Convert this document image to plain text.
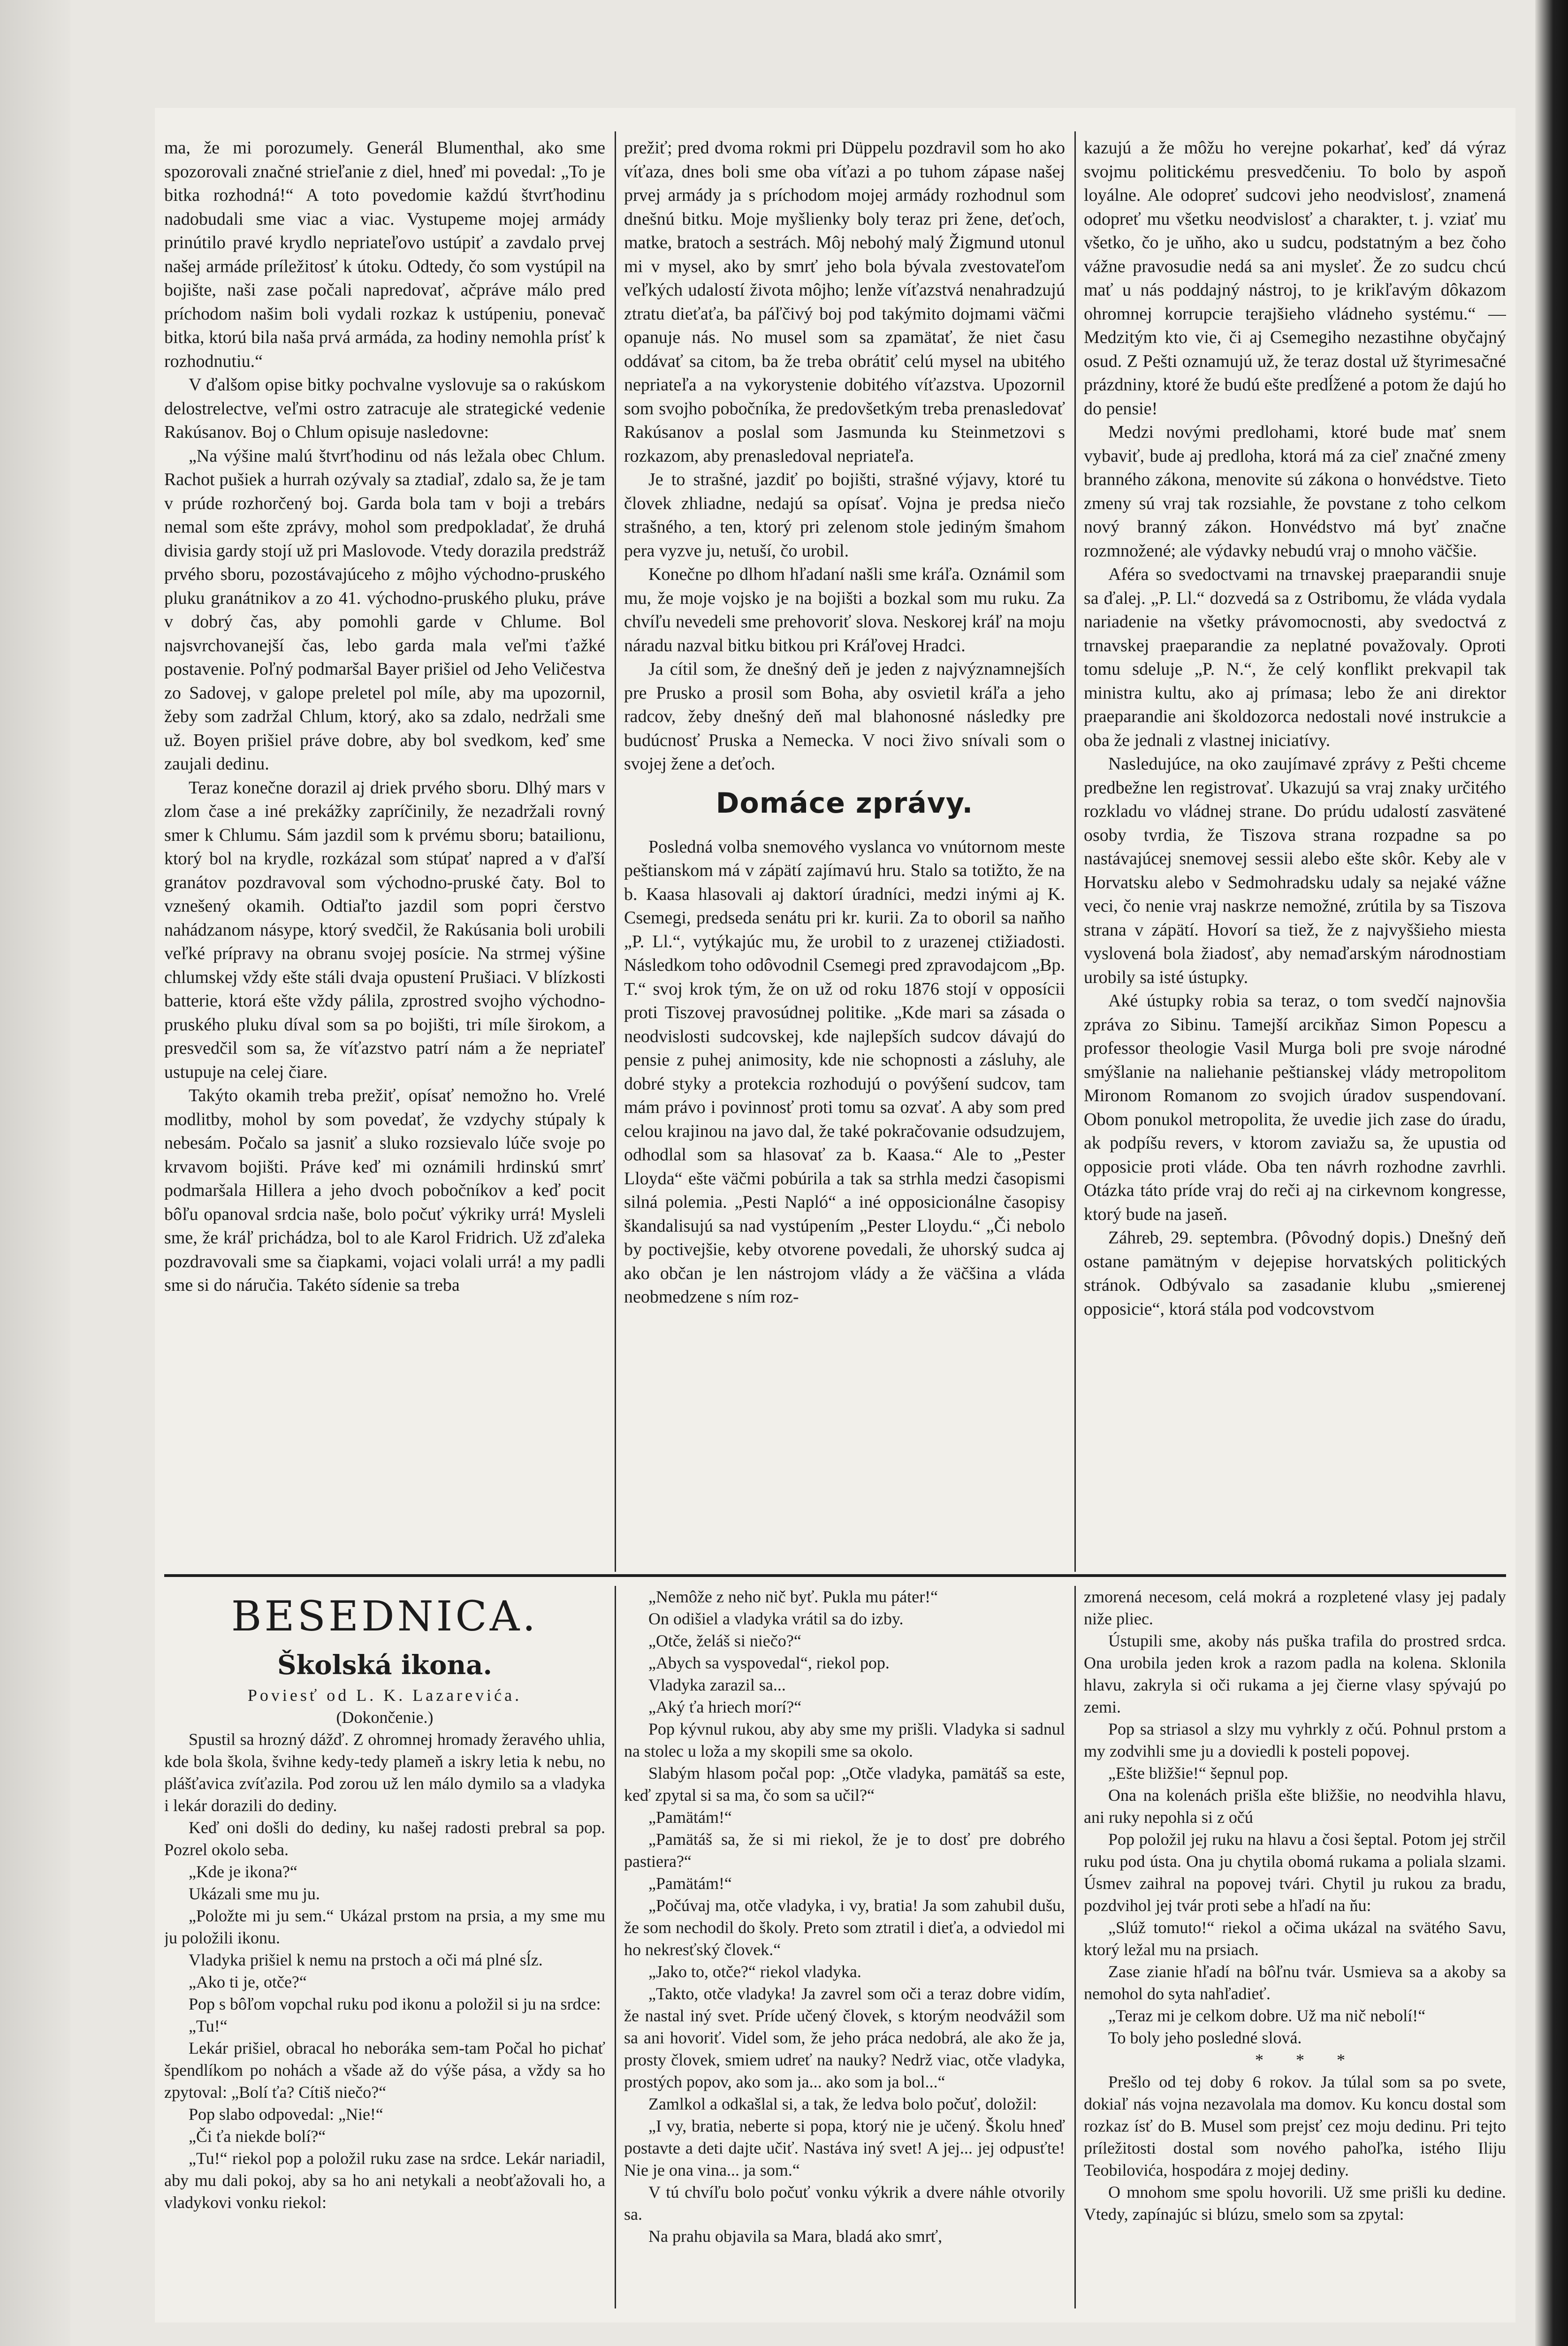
ma, že mi porozumely. Generál Blumenthal, ako sme spozorovali značné strieľanie z diel, hneď mi povedal: „To je bitka rozhodná!“ A toto povedomie každú štvrťhodinu nadobudali sme viac a viac. Vystupeme mojej armády prinútilo pravé krydlo nepriateľovo ustúpiť a zavdalo prvej našej armáde príležitosť k útoku. Odtedy, čo som vystúpil na bojište, naši zase počali napredovať, ačpráve málo pred príchodom našim boli vydali rozkaz k ustúpeniu, ponevač bitka, ktorú bila naša prvá armáda, za hodiny nemohla prísť k rozhodnutiu.“

V ďalšom opise bitky pochvalne vyslovuje sa o rakúskom delostrelectve, veľmi ostro zatracuje ale strategické vedenie Rakúsanov. Boj o Chlum opisuje nasledovne:

„Na výšine malú štvrťhodinu od nás ležala obec Chlum. Rachot pušiek a hurrah ozývaly sa ztadiaľ, zdalo sa, že je tam v prúde rozhorčený boj. Garda bola tam v boji a trebárs nemal som ešte zprávy, mohol som predpokladať, že druhá divisia gardy stojí už pri Maslovode. Vtedy dorazila predstráž prvého sboru, pozostávajúceho z môjho východno-pruského pluku granátnikov a zo 41. východno-pruského pluku, práve v dobrý čas, aby pomohli garde v Chlume. Bol najsvrchovanejší čas, lebo garda mala veľmi ťažké postavenie. Poľný podmaršal Bayer prišiel od Jeho Veličestva zo Sadovej, v galope preletel pol míle, aby ma upozornil, žeby som zadržal Chlum, ktorý, ako sa zdalo, nedržali sme už. Boyen prišiel práve dobre, aby bol svedkom, keď sme zaujali dedinu.

Teraz konečne dorazil aj driek prvého sboru. Dlhý mars v zlom čase a iné prekážky zapríčinily, že nezadržali rovný smer k Chlumu. Sám jazdil som k prvému sboru; batailionu, ktorý bol na krydle, rozkázal som stúpať napred a v ďaľší granátov pozdravoval som východno-pruské čaty. Bol to vznešený okamih. Odtiaľto jazdil som popri čerstvo nahádzanom násype, ktorý svedčil, že Rakúsania boli urobili veľké prípravy na obranu svojej posície. Na strmej výšine chlumskej vždy ešte stáli dvaja opustení Prušiaci. V blízkosti batterie, ktorá ešte vždy pálila, zprostred svojho východno-pruského pluku díval som sa po bojišti, tri míle širokom, a presvedčil som sa, že víťazstvo patrí nám a že nepriateľ ustupuje na celej čiare.

Takýto okamih treba prežiť, opísať nemožno ho. Vrelé modlitby, mohol by som povedať, že vzdychy stúpaly k nebesám. Počalo sa jasniť a sluko rozsievalo lúče svoje po krvavom bojišti. Práve keď mi oznámili hrdinskú smrť podmaršala Hillera a jeho dvoch pobočníkov a keď pocit bôľu opanoval srdcia naše, bolo počuť výkriky urrá! Mysleli sme, že kráľ prichádza, bol to ale Karol Fridrich. Už zďaleka pozdravovali sme sa čiapkami, vojaci volali urrá! a my padli sme si do náručia. Takéto sídenie sa treba

prežiť; pred dvoma rokmi pri Düppelu pozdravil som ho ako víťaza, dnes boli sme oba víťazi a po tuhom zápase našej prvej armády ja s príchodom mojej armády rozhodnul som dnešnú bitku. Moje myšlienky boly teraz pri žene, deťoch, matke, bratoch a sestrách. Môj nebohý malý Žigmund utonul mi v mysel, ako by smrť jeho bola bývala zvestovateľom veľkých udalostí života môjho; lenže víťazstvá nenahradzujú ztratu dieťaťa, ba páľčivý boj pod takýmito dojmami väčmi opanuje nás. No musel som sa zpamätať, že niet času oddávať sa citom, ba že treba obrátiť celú mysel na ubitého nepriateľa a na vykorystenie dobitého víťazstva. Upozornil som svojho pobočníka, že predovšetkým treba prenasledovať Rakúsanov a poslal som Jasmunda ku Steinmetzovi s rozkazom, aby prenasledoval nepriateľa.

Je to strašné, jazdiť po bojišti, strašné výjavy, ktoré tu človek zhliadne, nedajú sa opísať. Vojna je predsa niečo strašného, a ten, ktorý pri zelenom stole jediným šmahom pera vyzve ju, netuší, čo urobil.

Konečne po dlhom hľadaní našli sme kráľa. Oznámil som mu, že moje vojsko je na bojišti a bozkal som mu ruku. Za chvíľu nevedeli sme prehovoriť slova. Neskorej kráľ na moju náradu nazval bitku bitkou pri Kráľovej Hradci.

Ja cítil som, že dnešný deň je jeden z najvýznamnejších pre Prusko a prosil som Boha, aby osvietil kráľa a jeho radcov, žeby dnešný deň mal blahonosné následky pre budúcnosť Pruska a Nemecka. V noci živo snívali som o svojej žene a deťoch.

Domáce zprávy.

Posledná volba snemového vyslanca vo vnútornom meste peštianskom má v zápätí zajímavú hru. Stalo sa totižto, že na b. Kaasa hlasovali aj daktorí úradníci, medzi inými aj K. Csemegi, predseda senátu pri kr. kurii. Za to oboril sa naňho „P. Ll.“, vytýkajúc mu, že urobil to z urazenej ctižiadosti. Následkom toho odôvodnil Csemegi pred zpravodajcom „Bp. T.“ svoj krok tým, že on už od roku 1876 stojí v opposícii proti Tiszovej pravosúdnej politike. „Kde mari sa zásada o neodvislosti sudcovskej, kde najlepších sudcov dávajú do pensie z puhej animosity, kde nie schopnosti a zásluhy, ale dobré styky a protekcia rozhodujú o povýšení sudcov, tam mám právo i povinnosť proti tomu sa ozvať. A aby som pred celou krajinou na javo dal, že také pokračovanie odsudzujem, odhodlal som sa hlasovať za b. Kaasa.“ Ale to „Pester Lloyda“ ešte väčmi pobúrila a tak sa strhla medzi časopismi silná polemia. „Pesti Napló“ a iné opposicionálne časopisy škandalisujú sa nad vystúpením „Pester Lloydu.“ „Či nebolo by poctivejšie, keby otvorene povedali, že uhorský sudca aj ako občan je len nástrojom vlády a že väčšina a vláda neobmedzene s ním roz-

kazujú a že môžu ho verejne pokarhať, keď dá výraz svojmu politickému presvedčeniu. To bolo by aspoň loyálne. Ale odopreť sudcovi jeho neodvislosť, znamená odopreť mu všetku neodvislosť a charakter, t. j. vziať mu všetko, čo je uňho, ako u sudcu, podstatným a bez čoho vážne pravosudie nedá sa ani mysleť. Že zo sudcu chcú mať u nás poddajný nástroj, to je krikľavým dôkazom ohromnej korrupcie terajšieho vládneho systému.“ — Medzitým kto vie, či aj Csemegiho nezastihne obyčajný osud. Z Pešti oznamujú už, že teraz dostal už štyrimesačné prázdniny, ktoré že budú ešte predĺžené a potom že dajú ho do pensie!

Medzi novými predlohami, ktoré bude mať snem vybaviť, bude aj predloha, ktorá má za cieľ značné zmeny branného zákona, menovite sú zákona o honvédstve. Tieto zmeny sú vraj tak rozsiahle, že povstane z toho celkom nový branný zákon. Honvédstvo má byť značne rozmnožené; ale výdavky nebudú vraj o mnoho väčšie.

Aféra so svedoctvami na trnavskej praeparandii snuje sa ďalej. „P. Ll.“ dozvedá sa z Ostribomu, že vláda vydala nariadenie na všetky právomocnosti, aby svedoctvá z trnavskej praeparandie za neplatné považovaly. Oproti tomu sdeluje „P. N.“, že celý konflikt prekvapil tak ministra kultu, ako aj prímasa; lebo že ani direktor praeparandie ani školdozorca nedostali nové instrukcie a oba že jednali z vlastnej iniciatívy.

Nasledujúce, na oko zaujímavé zprávy z Pešti chceme predbežne len registrovať. Ukazujú sa vraj znaky určitého rozkladu vo vládnej strane. Do prúdu udalostí zasvätené osoby tvrdia, že Tiszova strana rozpadne sa po nastávajúcej snemovej sessii alebo ešte skôr. Keby ale v Horvatsku alebo v Sedmohradsku udaly sa nejaké vážne veci, čo nenie vraj naskrze nemožné, zrútila by sa Tiszova strana v zápätí. Hovorí sa tiež, že z najvyššieho miesta vyslovená bola žiadosť, aby nemaďarským národnostiam urobily sa isté ústupky.

Aké ústupky robia sa teraz, o tom svedčí najnovšia zpráva zo Sibinu. Tamejší arcikňaz Simon Popescu a professor theologie Vasil Murga boli pre svoje národné smýšlanie na naliehanie peštianskej vlády metropolitom Mironom Romanom zo svojich úradov suspendovaní. Obom ponukol metropolita, že uvedie jich zase do úradu, ak podpíšu revers, v ktorom zaviažu sa, že upustia od opposicie proti vláde. Oba ten návrh rozhodne zavrhli. Otázka táto príde vraj do reči aj na cirkevnom kongresse, ktorý bude na jaseň.

Záhreb, 29. septembra. (Pôvodný dopis.) Dnešný deň ostane pamätným v dejepise horvatských politických stránok. Odbývalo sa zasadanie klubu „smierenej opposicie“, ktorá stála pod vodcovstvom

BESEDNICA.
Školská ikona.

Poviesť od L. K. Lazarevića.

(Dokončenie.)

Spustil sa hrozný dážď. Z ohromnej hromady žeravého uhlia, kde bola škola, švihne kedy-tedy plameň a iskry letia k nebu, no plášťavica zvíťazila. Pod zorou už len málo dymilo sa a vladyka i lekár dorazili do dediny.

Keď oni došli do dediny, ku našej radosti prebral sa pop. Pozrel okolo seba.

„Kde je ikona?“

Ukázali sme mu ju.

„Položte mi ju sem.“ Ukázal prstom na prsia, a my sme mu ju položili ikonu.

Vladyka prišiel k nemu na prstoch a oči má plné sĺz.

„Ako ti je, otče?“

Pop s bôľom vopchal ruku pod ikonu a položil si ju na srdce:

„Tu!“

Lekár prišiel, obracal ho neboráka sem-tam Počal ho pichať špendlíkom po nohách a všade až do výše pása, a vždy sa ho zpytoval: „Bolí ťa? Cítiš niečo?“

Pop slabo odpovedal: „Nie!“

„Či ťa niekde bolí?“

„Tu!“ riekol pop a položil ruku zase na srdce. Lekár nariadil, aby mu dali pokoj, aby sa ho ani netykali a neobťažovali ho, a vladykovi vonku riekol:

„Nemôže z neho nič byť. Pukla mu páter!“

On odišiel a vladyka vrátil sa do izby.

„Otče, želáš si niečo?“

„Abych sa vyspovedal“, riekol pop.

Vladyka zarazil sa...

„Aký ťa hriech morí?“

Pop kývnul rukou, aby aby sme my prišli. Vladyka si sadnul na stolec u loža a my skopili sme sa okolo.

Slabým hlasom počal pop: „Otče vladyka, pamätáš sa este, keď zpytal si sa ma, čo som sa učil?“

„Pamätám!“

„Pamätáš sa, že si mi riekol, že je to dosť pre dobrého pastiera?“

„Pamätám!“

„Počúvaj ma, otče vladyka, i vy, bratia! Ja som zahubil dušu, že som nechodil do školy. Preto som ztratil i dieťa, a odviedol mi ho nekresťský človek.“

„Jako to, otče?“ riekol vladyka.

„Takto, otče vladyka! Ja zavrel som oči a teraz dobre vidím, že nastal iný svet. Príde učený človek, s ktorým neodvážil som sa ani hovoriť. Videl som, že jeho práca nedobrá, ale ako že ja, prosty človek, smiem udreť na nauky? Nedrž viac, otče vladyka, prostých popov, ako som ja... ako som ja bol...“

Zamlkol a odkašlal si, a tak, že ledva bolo počuť, doložil:

„I vy, bratia, neberte si popa, ktorý nie je učený. Školu hneď postavte a deti dajte učiť. Nastáva iný svet! A jej... jej odpusťte! Nie je ona vina... ja som.“

V tú chvíľu bolo počuť vonku výkrik a dvere náhle otvorily sa.

Na prahu objavila sa Mara, bladá ako smrť,

zmorená necesom, celá mokrá a rozpletené vlasy jej padaly niže pliec.

Ústupili sme, akoby nás puška trafila do prostred srdca. Ona urobila jeden krok a razom padla na kolena. Sklonila hlavu, zakryla si oči rukama a jej čierne vlasy spývajú po zemi.

Pop sa striasol a slzy mu vyhrkly z očú. Pohnul prstom a my zodvihli sme ju a doviedli k posteli popovej.

„Ešte bližšie!“ šepnul pop.

Ona na kolenách prišla ešte bližšie, no neodvihla hlavu, ani ruky nepohla si z očú

Pop položil jej ruku na hlavu a čosi šeptal. Potom jej strčil ruku pod ústa. Ona ju chytila obomá rukama a polialа slzami. Úsmev zaihral na popovej tvári. Chytil ju rukou za bradu, pozdvihol jej tvár proti sebe a hľadí na ňu:

„Slúž tomuto!“ riekol a očima ukázal na svätého Savu, ktorý ležal mu na prsiach.

Zase zianie hľadí na bôľnu tvár. Usmieva sa a akoby sa nemohol do syta nahľadieť.

„Teraz mi je celkom dobre. Už ma nič nebolí!“

To boly jeho posledné slová.

* * *

Prešlo od tej doby 6 rokov. Ja túlal som sa po svete, dokiaľ nás vojna nezavolala ma domov. Ku koncu dostal som rozkaz ísť do B. Musel som prejsť cez moju dedinu. Pri tejto príležitosti dostal som nového pahoľka, istého Iliju Teobilovića, hospodára z mojej dediny.

O mnohom sme spolu hovorili. Už sme prišli ku dedine. Vtedy, zapínajúc si blúzu, smelo som sa zpytal:
